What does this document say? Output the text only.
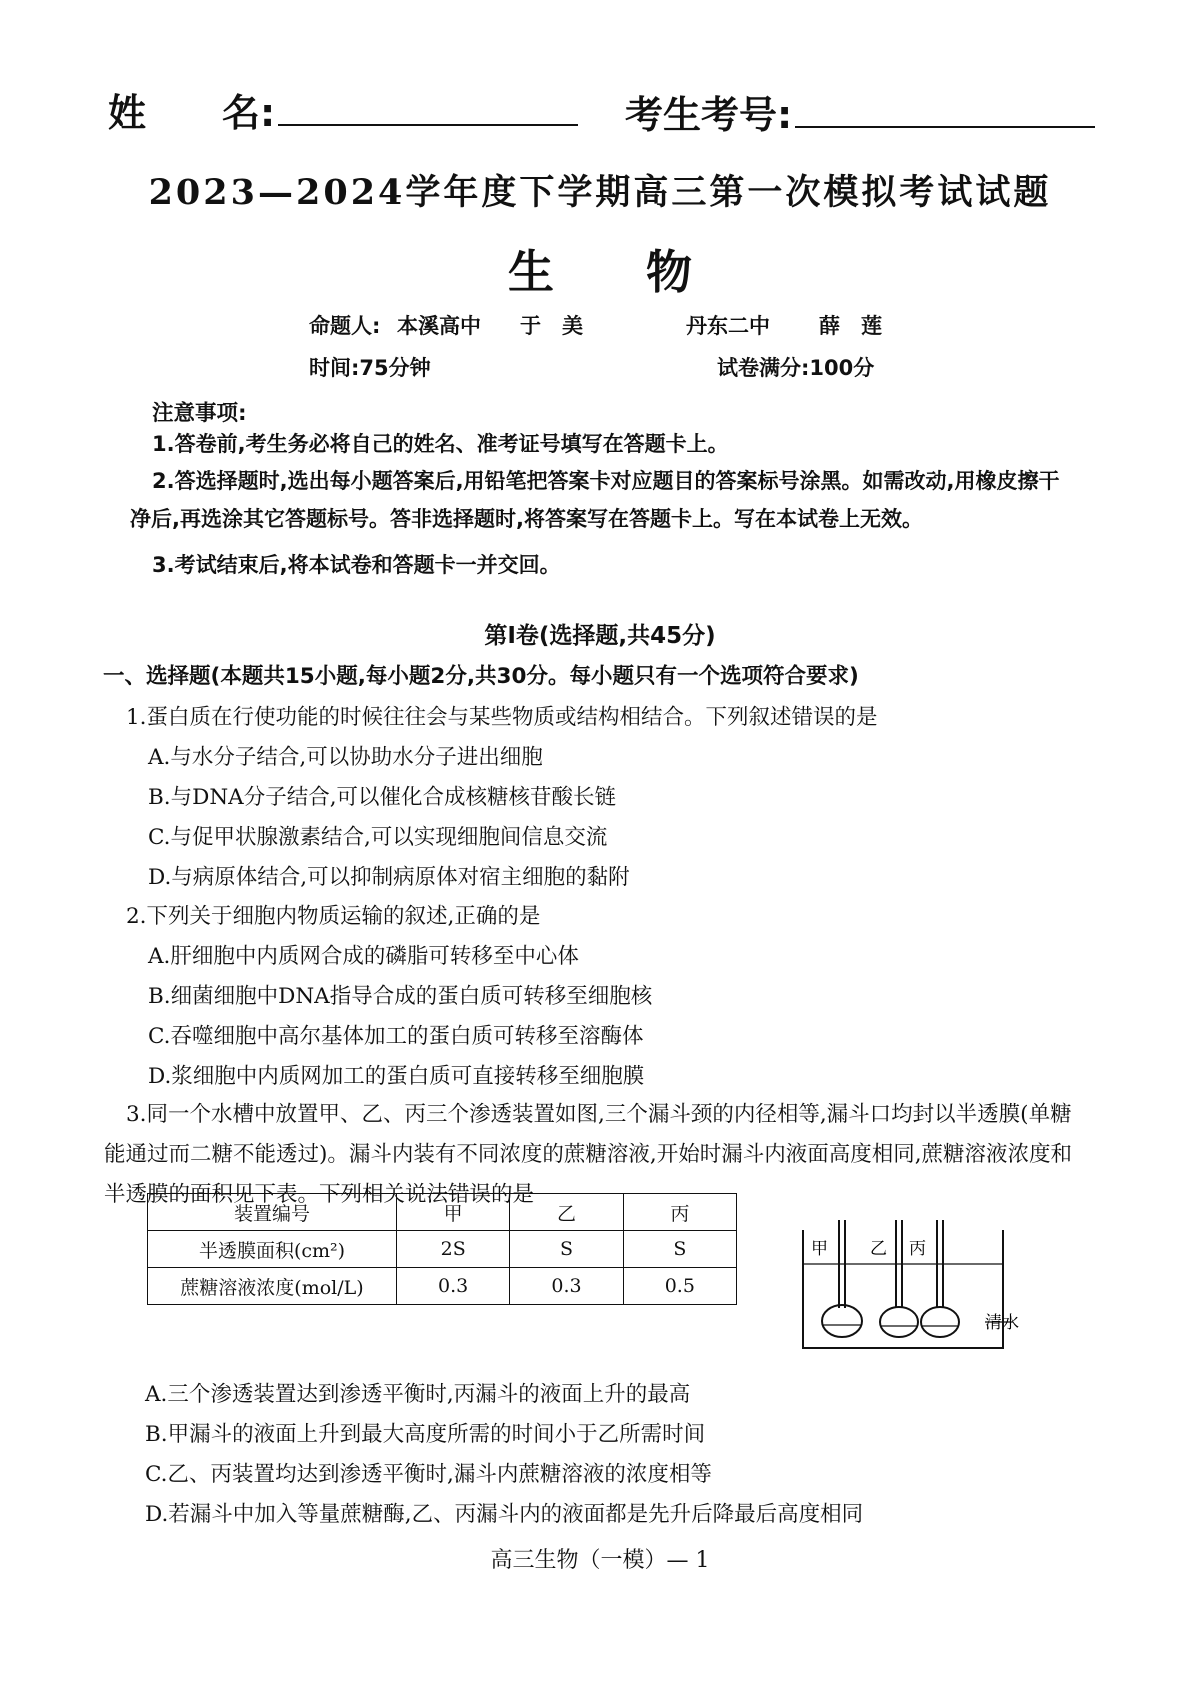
姓　　名:	考生考号:
2023—2024学年度下学期高三第一次模拟考试试题
生　　物
命题人: 本溪高中 于　美	丹东二中 薛　莲
时间:75分钟	试卷满分:100分
注意事项:
1.答卷前,考生务必将自己的姓名、准考证号填写在答题卡上。
2.答选择题时,选出每小题答案后,用铅笔把答案卡对应题目的答案标号涂黑。如需改动,用橡皮擦干净后,再选涂其它答题标号。答非选择题时,将答案写在答题卡上。写在本试卷上无效。
3.考试结束后,将本试卷和答题卡一并交回。
第Ⅰ卷(选择题,共45分)
一、选择题(本题共15小题,每小题2分,共30分。每小题只有一个选项符合要求)
1.蛋白质在行使功能的时候往往会与某些物质或结构相结合。下列叙述错误的是
A.与水分子结合,可以协助水分子进出细胞
B.与DNA分子结合,可以催化合成核糖核苷酸长链
C.与促甲状腺激素结合,可以实现细胞间信息交流
D.与病原体结合,可以抑制病原体对宿主细胞的黏附
2.下列关于细胞内物质运输的叙述,正确的是
A.肝细胞中内质网合成的磷脂可转移至中心体
B.细菌细胞中DNA指导合成的蛋白质可转移至细胞核
C.吞噬细胞中高尔基体加工的蛋白质可转移至溶酶体
D.浆细胞中内质网加工的蛋白质可直接转移至细胞膜
3.同一个水槽中放置甲、乙、丙三个渗透装置如图,三个漏斗颈的内径相等,漏斗口均封以半透膜(单糖能通过而二糖不能透过)。漏斗内装有不同浓度的蔗糖溶液,开始时漏斗内液面高度相同,蔗糖溶液浓度和半透膜的面积见下表。下列相关说法错误的是
装置编号	甲	乙	丙
半透膜面积(cm²)	2S	S	S
蔗糖溶液浓度(mol/L)	0.3	0.3	0.5
甲 乙 丙
清水
A.三个渗透装置达到渗透平衡时,丙漏斗的液面上升的最高
B.甲漏斗的液面上升到最大高度所需的时间小于乙所需时间
C.乙、丙装置均达到渗透平衡时,漏斗内蔗糖溶液的浓度相等
D.若漏斗中加入等量蔗糖酶,乙、丙漏斗内的液面都是先升后降最后高度相同
高三生物（一模）— 1
